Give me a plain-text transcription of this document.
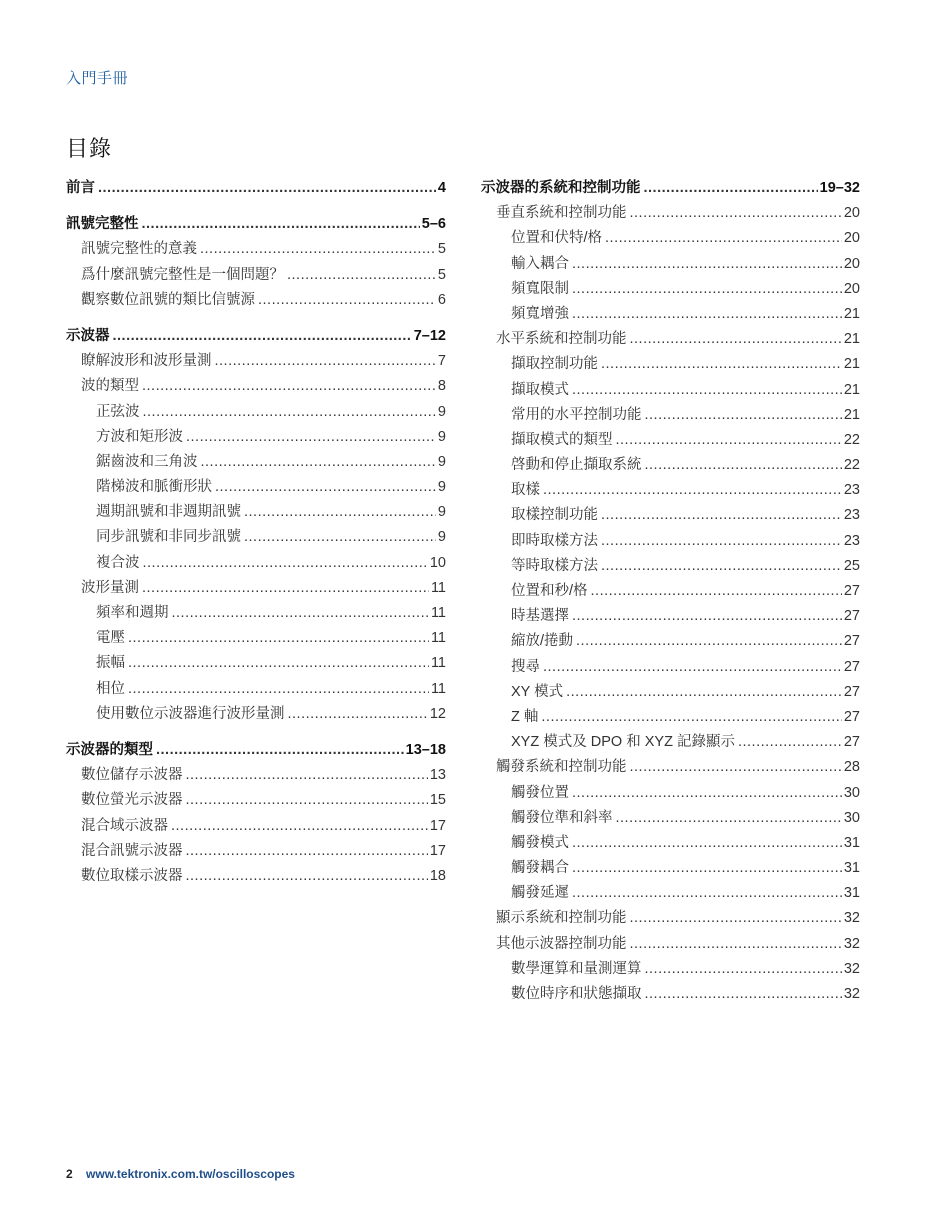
入門手冊
目錄
前言 .....	4
訊號完整性 .....	5–6
訊號完整性的意義 .....	5
爲什麼訊號完整性是一個問題？ .....	5
觀察數位訊號的類比信號源 .....	6
示波器 .....	7–12
瞭解波形和波形量測 .....	7
波的類型 .....	8
正弦波 .....	9
方波和矩形波 .....	9
鋸齒波和三角波 .....	9
階梯波和脈衝形狀 .....	9
週期訊號和非週期訊號 .....	9
同步訊號和非同步訊號 .....	9
複合波 .....	10
波形量測 .....	11
頻率和週期 .....	11
電壓 .....	11
振幅 .....	11
相位 .....	11
使用數位示波器進行波形量測 .....	12
示波器的類型 .....	13–18
數位儲存示波器 .....	13
數位螢光示波器 .....	15
混合域示波器 .....	17
混合訊號示波器 .....	17
數位取樣示波器 .....	18
示波器的系統和控制功能 .....	19–32
垂直系統和控制功能 .....	20
位置和伏特/格 .....	20
輸入耦合 .....	20
頻寬限制 .....	20
頻寬增強 .....	21
水平系統和控制功能 .....	21
擷取控制功能 .....	21
擷取模式 .....	21
常用的水平控制功能 .....	21
擷取模式的類型 .....	22
啓動和停止擷取系統 .....	22
取樣 .....	23
取樣控制功能 .....	23
即時取樣方法 .....	23
等時取樣方法 .....	25
位置和秒/格 .....	27
時基選擇 .....	27
縮放/捲動 .....	27
搜尋 .....	27
XY 模式 .....	27
Z 軸 .....	27
XYZ 模式及 DPO 和 XYZ 記錄顯示 .....	27
觸發系統和控制功能 .....	28
觸發位置 .....	30
觸發位準和斜率 .....	30
觸發模式 .....	31
觸發耦合 .....	31
觸發延遲 .....	31
顯示系統和控制功能 .....	32
其他示波器控制功能 .....	32
數學運算和量測運算 .....	32
數位時序和狀態擷取 .....	32
2 www.tektronix.com.tw/oscilloscopes
